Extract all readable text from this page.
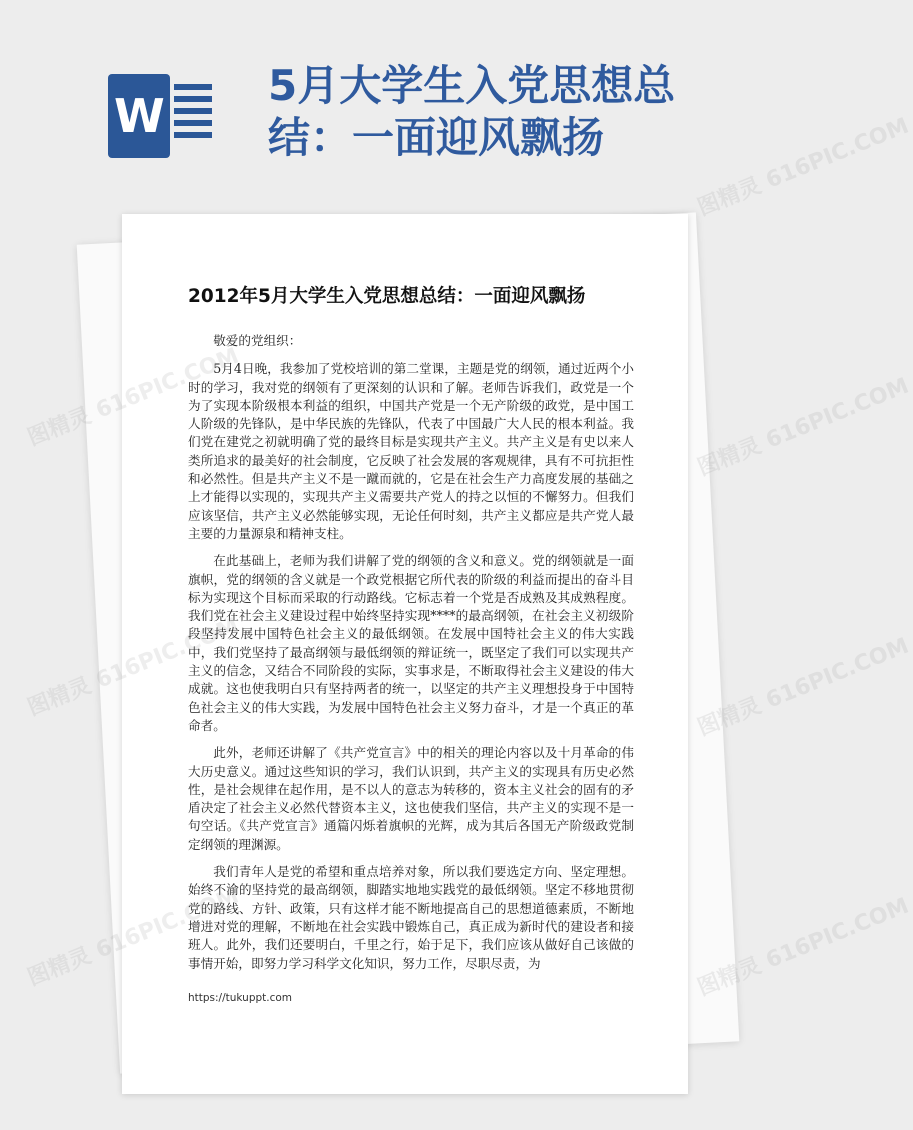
W
5月大学生入党思想总结：一面迎风飘扬
2012年5月大学生入党思想总结：一面迎风飘扬

敬爱的党组织：

5月4日晚，我参加了党校培训的第二堂课，主题是党的纲领，通过近两个小时的学习，我对党的纲领有了更深刻的认识和了解。老师告诉我们，政党是一个为了实现本阶级根本利益的组织，中国共产党是一个无产阶级的政党，是中国工人阶级的先锋队，是中华民族的先锋队，代表了中国最广大人民的根本利益。我们党在建党之初就明确了党的最终目标是实现共产主义。共产主义是有史以来人类所追求的最美好的社会制度，它反映了社会发展的客观规律，具有不可抗拒性和必然性。但是共产主义不是一蹴而就的，它是在社会生产力高度发展的基础之上才能得以实现的，实现共产主义需要共产党人的持之以恒的不懈努力。但我们应该坚信，共产主义必然能够实现，无论任何时刻，共产主义都应是共产党人最主要的力量源泉和精神支柱。

在此基础上，老师为我们讲解了党的纲领的含义和意义。党的纲领就是一面旗帜，党的纲领的含义就是一个政党根据它所代表的阶级的利益而提出的奋斗目标为实现这个目标而采取的行动路线。它标志着一个党是否成熟及其成熟程度。我们党在社会主义建设过程中始终坚持实现****的最高纲领，在社会主义初级阶段坚持发展中国特色社会主义的最低纲领。在发展中国特社会主义的伟大实践中，我们党坚持了最高纲领与最低纲领的辩证统一，既坚定了我们可以实现共产主义的信念，又结合不同阶段的实际，实事求是，不断取得社会主义建设的伟大成就。这也使我明白只有坚持两者的统一，以坚定的共产主义理想投身于中国特色社会主义的伟大实践，为发展中国特色社会主义努力奋斗，才是一个真正的革命者。

此外，老师还讲解了《共产党宣言》中的相关的理论内容以及十月革命的伟大历史意义。通过这些知识的学习，我们认识到，共产主义的实现具有历史必然性，是社会规律在起作用，是不以人的意志为转移的，资本主义社会的固有的矛盾决定了社会主义必然代替资本主义，这也使我们坚信，共产主义的实现不是一句空话。《共产党宣言》通篇闪烁着旗帜的光辉，成为其后各国无产阶级政党制定纲领的理渊源。

我们青年人是党的希望和重点培养对象，所以我们要选定方向、坚定理想。始终不渝的坚持党的最高纲领，脚踏实地地实践党的最低纲领。坚定不移地贯彻党的路线、方针、政策，只有这样才能不断地提高自己的思想道德素质，不断地增进对党的理解，不断地在社会实践中锻炼自己，真正成为新时代的建设者和接班人。此外，我们还要明白，千里之行，始于足下，我们应该从做好自己该做的事情开始，即努力学习科学文化知识，努力工作，尽职尽责，为

https://tukuppt.com
图精灵 616PIC.COM
图精灵	图精灵 616PIC.COM
图精灵	图精灵 616PIC.COM
图精灵	图精灵 616PIC.COM
